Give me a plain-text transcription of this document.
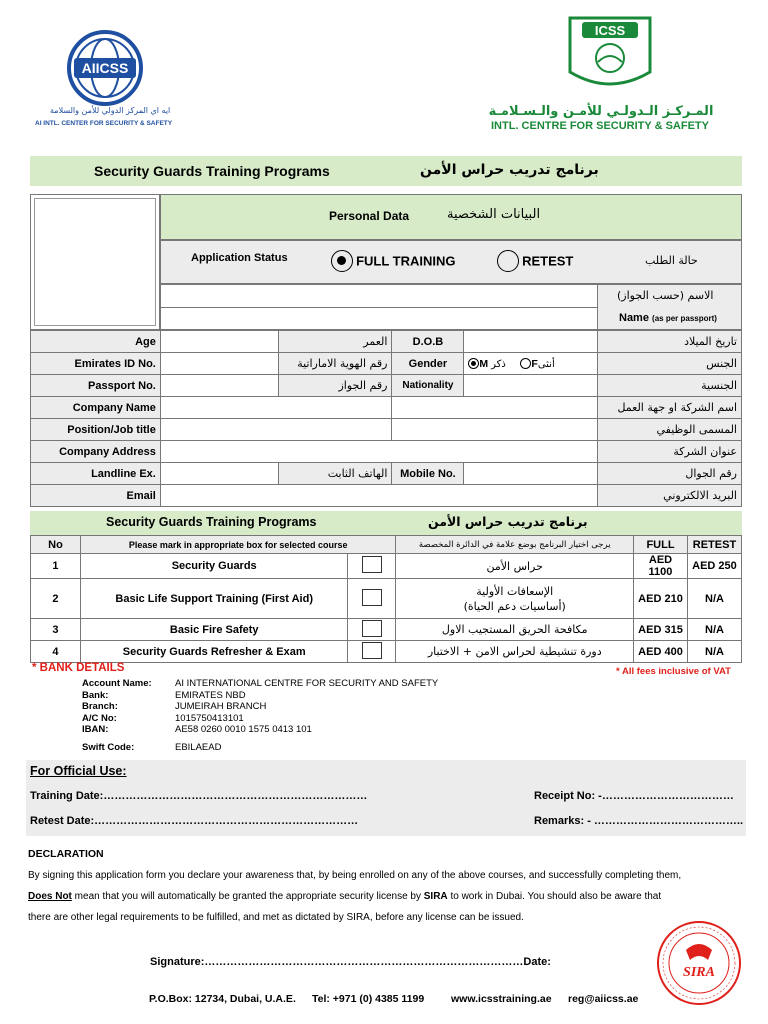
AIICSS
ايه اي المركز الدولي للأمن والسلامة
AI INTL. CENTER FOR SECURITY & SAFETY
ICSS
المـركـز الـدولـي للأمـن والـسـلامـة
INTL. CENTRE FOR SECURITY & SAFETY
Security Guards Training Programs	برنامج تدريب حراس الأمن
Personal Data	البيانات الشخصية
Application Status	FULL TRAINING	RETEST	حالة الطلب
الاسم (حسب الجواز)
Name (as per passport)
Age		العمر	D.O.B		تاريخ الميلاد
Emirates ID No.		رقم الهوية الاماراتية	Gender	M ذكر Fأنثى	الجنس
Passport No.		رقم الجواز	Nationality		الجنسية
Company Name					اسم الشركة او جهة العمل
Position/Job title					المسمى الوظيفي
Company Address					عنوان الشركة
Landline Ex.		الهاتف الثابت	Mobile No.		رقم الجوال
Email					البريد الالكتروني
Security Guards Training Programs	برنامج تدريب حراس الأمن
No	Please mark in appropriate box for selected course		يرجى اختيار البرنامج بوضع علامة في الدائرة المخصصة	FULL	RETEST
1	Security Guards		حراس الأمن	AED 1100	AED 250
2	Basic Life Support Training (First Aid)		الإسعافات الأولية
(أساسيات دعم الحياة)	AED 210	N/A
3	Basic Fire Safety		مكافحة الحريق المستجيب الاول	AED 315	N/A
4	Security Guards Refresher & Exam		دورة تنشيطية لحراس الامن + الاختبار	AED 400	N/A
* BANK DETAILS	* All fees inclusive of VAT
Account Name:	AI INTERNATIONAL CENTRE FOR SECURITY AND SAFETY
Bank:	EMIRATES NBD
Branch:	JUMEIRAH BRANCH
A/C No:	1015750413101
IBAN:	AE58 0260 0010 1575 0413 101
Swift Code:	EBILAEAD
For Official Use:
Training Date:………………………………………………………………	Receipt No: -………………………………
Retest Date:………………………………………………………………	Remarks: - …………………………………..
DECLARATION
By signing this application form you declare your awareness that, by being enrolled on any of the above courses, and successfully completing them,
Does Not mean that you will automatically be granted the appropriate security license by SIRA to work in Dubai. You should also be aware that
there are other legal requirements to be fulfilled, and met as dictated by SIRA, before any license can be issued.
Signature:……………………………………………………………………………Date:
SIRA
P.O.Box: 12734, Dubai, U.A.E. Tel: +971 (0) 4385 1199	www.icsstraining.ae reg@aiicss.ae
